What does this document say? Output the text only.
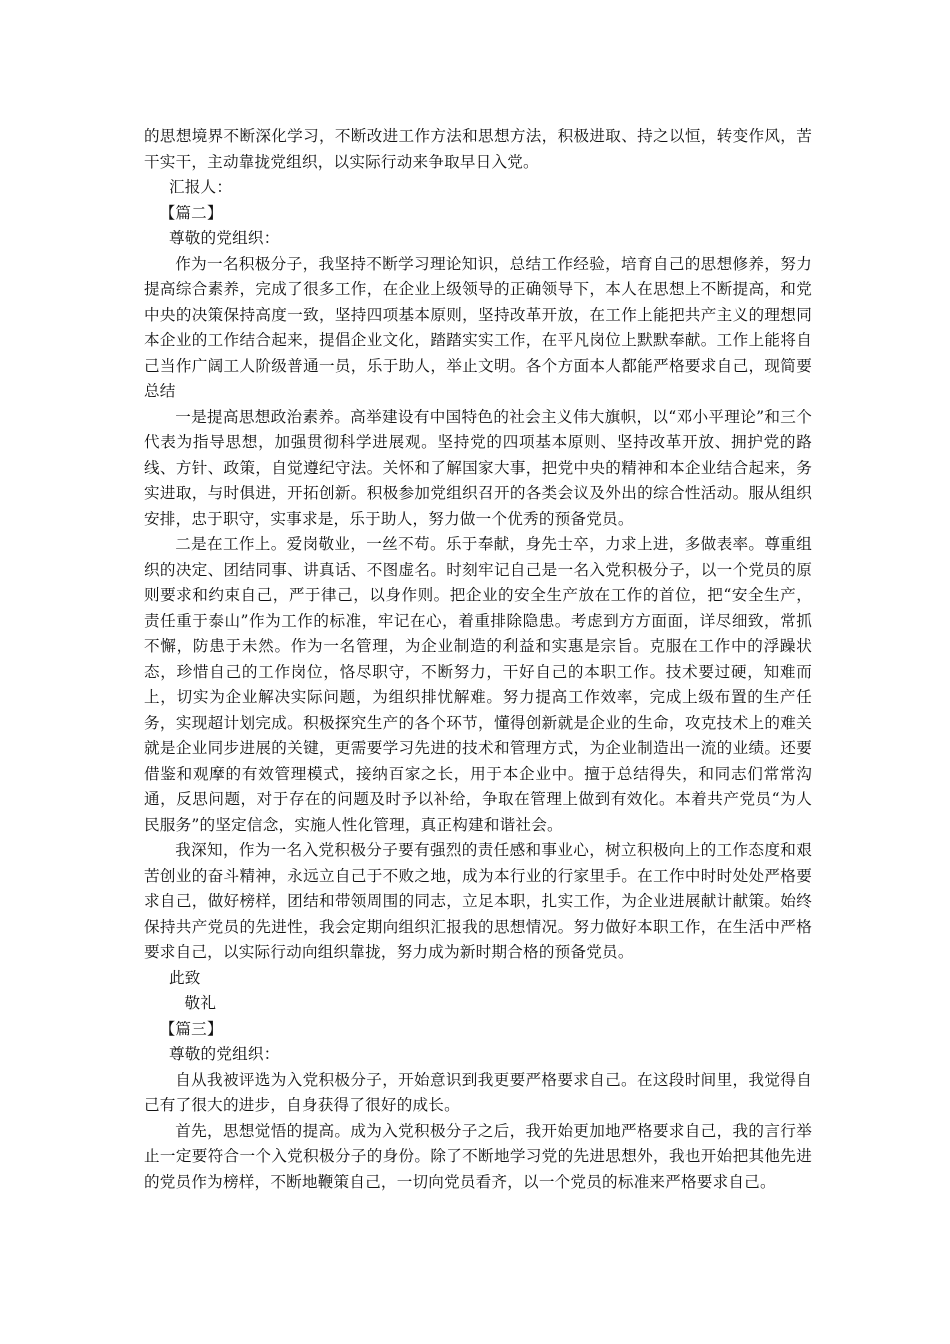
的思想境界不断深化学习，不断改进工作方法和思想方法，积极进取、持之以恒，转变作风，苦干实干，主动靠拢党组织，以实际行动来争取早日入党。

汇报人：

【篇二】

尊敬的党组织：

作为一名积极分子，我坚持不断学习理论知识，总结工作经验，培育自己的思想修养，努力提高综合素养，完成了很多工作，在企业上级领导的正确领导下，本人在思想上不断提高，和党中央的决策保持高度一致，坚持四项基本原则，坚持改革开放，在工作上能把共产主义的理想同本企业的工作结合起来，提倡企业文化，踏踏实实工作，在平凡岗位上默默奉献。工作上能将自己当作广阔工人阶级普通一员，乐于助人，举止文明。各个方面本人都能严格要求自己，现简要总结

一是提高思想政治素养。高举建设有中国特色的社会主义伟大旗帜，以“邓小平理论”和三个代表为指导思想，加强贯彻科学进展观。坚持党的四项基本原则、坚持改革开放、拥护党的路线、方针、政策，自觉遵纪守法。关怀和了解国家大事，把党中央的精神和本企业结合起来，务实进取，与时俱进，开拓创新。积极参加党组织召开的各类会议及外出的综合性活动。服从组织安排，忠于职守，实事求是，乐于助人，努力做一个优秀的预备党员。

二是在工作上。爱岗敬业，一丝不苟。乐于奉献，身先士卒，力求上进，多做表率。尊重组织的决定、团结同事、讲真话、不图虚名。时刻牢记自己是一名入党积极分子，以一个党员的原则要求和约束自己，严于律己，以身作则。把企业的安全生产放在工作的首位，把“安全生产，责任重于泰山”作为工作的标准，牢记在心，着重排除隐患。考虑到方方面面，详尽细致，常抓不懈，防患于未然。作为一名管理，为企业制造的利益和实惠是宗旨。克服在工作中的浮躁状态，珍惜自己的工作岗位，恪尽职守，不断努力，干好自己的本职工作。技术要过硬，知难而上，切实为企业解决实际问题，为组织排忧解难。努力提高工作效率，完成上级布置的生产任务，实现超计划完成。积极探究生产的各个环节，懂得创新就是企业的生命，攻克技术上的难关就是企业同步进展的关键，更需要学习先进的技术和管理方式，为企业制造出一流的业绩。还要借鉴和观摩的有效管理模式，接纳百家之长，用于本企业中。擅于总结得失，和同志们常常沟通，反思问题，对于存在的问题及时予以补给，争取在管理上做到有效化。本着共产党员“为人民服务”的坚定信念，实施人性化管理，真正构建和谐社会。

我深知，作为一名入党积极分子要有强烈的责任感和事业心，树立积极向上的工作态度和艰苦创业的奋斗精神，永远立自己于不败之地，成为本行业的行家里手。在工作中时时处处严格要求自己，做好榜样，团结和带领周围的同志，立足本职，扎实工作，为企业进展献计献策。始终保持共产党员的先进性，我会定期向组织汇报我的思想情况。努力做好本职工作，在生活中严格要求自己，以实际行动向组织靠拢，努力成为新时期合格的预备党员。

此致

敬礼

【篇三】

尊敬的党组织：

自从我被评选为入党积极分子，开始意识到我更要严格要求自己。在这段时间里，我觉得自己有了很大的进步，自身获得了很好的成长。

首先，思想觉悟的提高。成为入党积极分子之后，我开始更加地严格要求自己，我的言行举止一定要符合一个入党积极分子的身份。除了不断地学习党的先进思想外，我也开始把其他先进的党员作为榜样，不断地鞭策自己，一切向党员看齐，以一个党员的标准来严格要求自己。
